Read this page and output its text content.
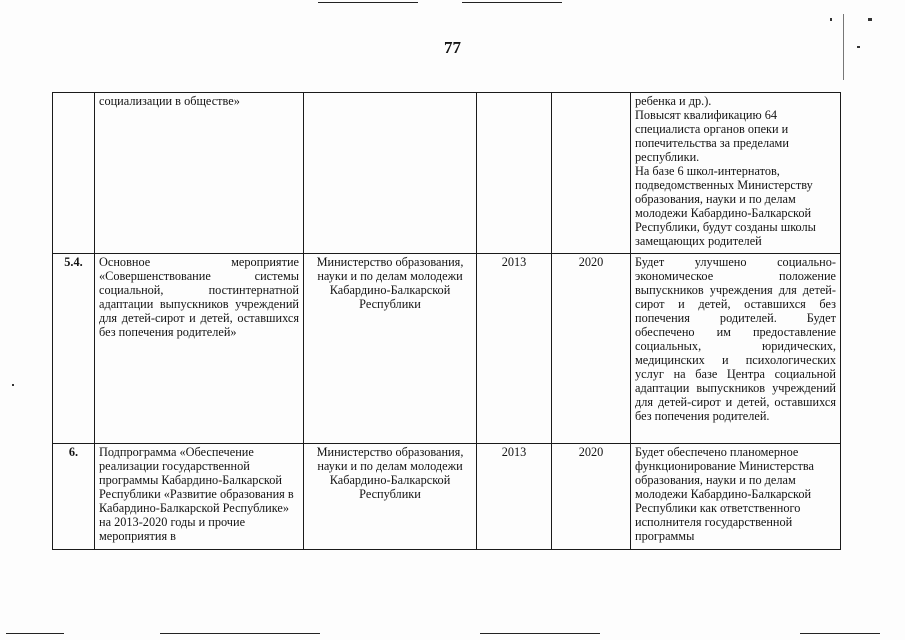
77
	социализации в обществе»				ребенка и др.).
Повысят квалификацию 64 специалиста органов опеки и попечительства за пределами республики.
На базе 6 школ-интернатов, подведомственных Министерству образования, науки и по делам молодежи Кабардино-Балкарской Республики, будут созданы школы замещающих родителей

5.4.	Основное мероприятие «Совершенствование системы социальной, постинтернатной адаптации выпускников учреждений для детей-сирот и детей, оставшихся без попечения родителей»	Министерство образования, науки и по делам молодежи Кабардино-Балкарской Республики	2013	2020	Будет улучшено социально-экономическое положение выпускников учреждения для детей-сирот и детей, оставшихся без попечения родителей. Будет обеспечено им предоставление социальных, юридических, медицинских и психологических услуг на базе Центра социальной адаптации выпускников учреждений для детей-сирот и детей, оставшихся без попечения родителей.

6.	Подпрограмма «Обеспечение реализации государственной программы Кабардино-Балкарской Республики «Развитие образования в Кабардино-Балкарской Республике» на 2013-2020 годы и прочие мероприятия в	Министерство образования, науки и по делам молодежи Кабардино-Балкарской Республики	2013	2020	Будет обеспечено планомерное функционирование Министерства образования, науки и по делам молодежи Кабардино-Балкарской Республики как ответственного исполнителя государственной программы
